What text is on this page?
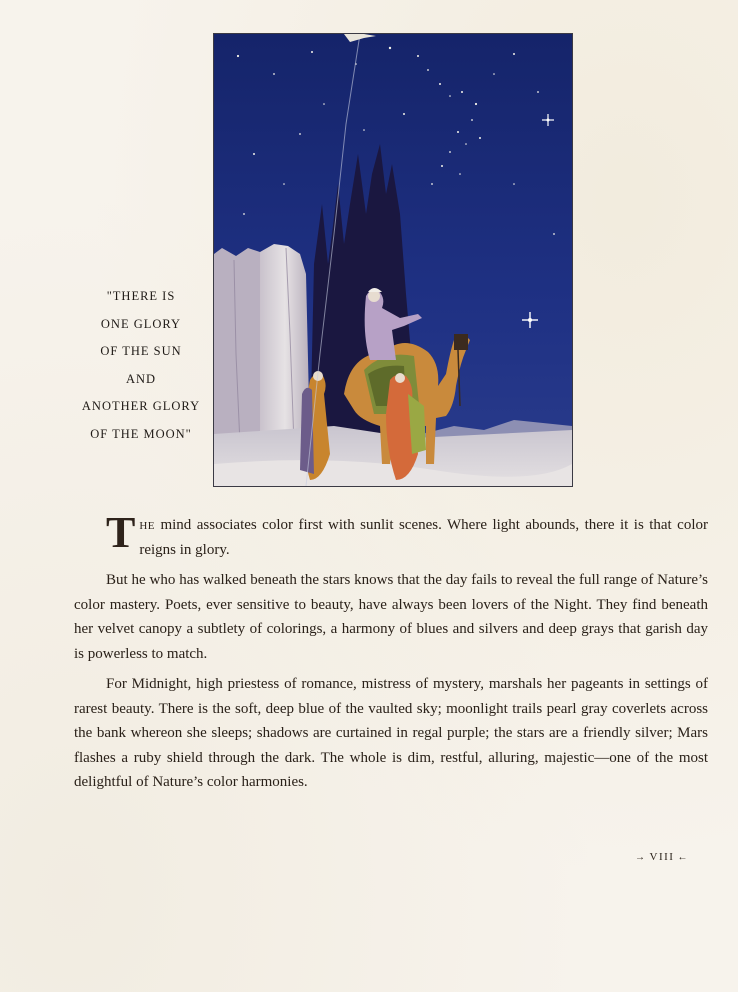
"THERE IS
ONE GLORY
OF THE SUN
AND
ANOTHER GLORY
OF THE MOON"

The mind associates color first with sunlit scenes. Where light abounds, there it is that color reigns in glory.

But he who has walked beneath the stars knows that the day fails to reveal the full range of Nature’s color mastery. Poets, ever sensitive to beauty, have always been lovers of the Night. They find beneath her velvet canopy a subtlety of colorings, a harmony of blues and silvers and deep grays that garish day is powerless to match.

For Midnight, high priestess of romance, mistress of mystery, marshals her pageants in settings of rarest beauty. There is the soft, deep blue of the vaulted sky; moonlight trails pearl gray coverlets across the bank whereon she sleeps; shadows are curtained in regal purple; the stars are a friendly silver; Mars flashes a ruby shield through the dark. The whole is dim, restful, alluring, majestic—one of the most delightful of Nature’s color harmonies.

→ VIII ←
